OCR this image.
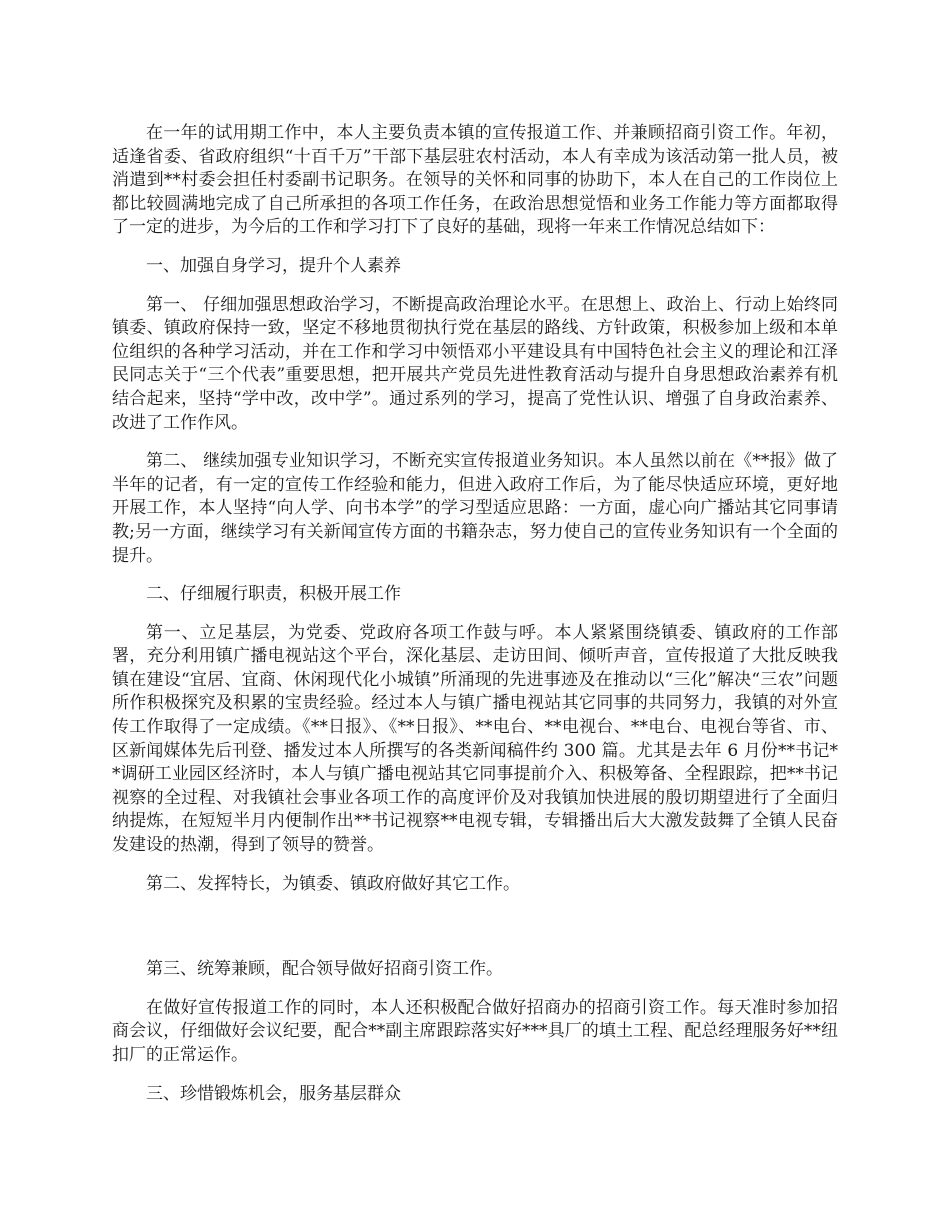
在一年的试用期工作中，本人主要负责本镇的宣传报道工作、并兼顾招商引资工作。年初，适逢省委、省政府组织“十百千万”干部下基层驻农村活动，本人有幸成为该活动第一批人员，被消遣到**村委会担任村委副书记职务。在领导的关怀和同事的协助下，本人在自己的工作岗位上都比较圆满地完成了自己所承担的各项工作任务，在政治思想觉悟和业务工作能力等方面都取得了一定的进步，为今后的工作和学习打下了良好的基础，现将一年来工作情况总结如下：

一、加强自身学习，提升个人素养

第一、 仔细加强思想政治学习，不断提高政治理论水平。在思想上、政治上、行动上始终同镇委、镇政府保持一致，坚定不移地贯彻执行党在基层的路线、方针政策，积极参加上级和本单位组织的各种学习活动，并在工作和学习中领悟邓小平建设具有中国特色社会主义的理论和江泽民同志关于“三个代表”重要思想，把开展共产党员先进性教育活动与提升自身思想政治素养有机结合起来，坚持“学中改，改中学”。通过系列的学习，提高了党性认识、增强了自身政治素养、改进了工作作风。

第二、 继续加强专业知识学习，不断充实宣传报道业务知识。本人虽然以前在《**报》做了半年的记者，有一定的宣传工作经验和能力，但进入政府工作后，为了能尽快适应环境，更好地开展工作，本人坚持“向人学、向书本学”的学习型适应思路：一方面，虚心向广播站其它同事请教;另一方面，继续学习有关新闻宣传方面的书籍杂志，努力使自己的宣传业务知识有一个全面的提升。

二、仔细履行职责，积极开展工作

第一、立足基层，为党委、党政府各项工作鼓与呼。本人紧紧围绕镇委、镇政府的工作部署，充分利用镇广播电视站这个平台，深化基层、走访田间、倾听声音，宣传报道了大批反映我镇在建设“宜居、宜商、休闲现代化小城镇”所涌现的先进事迹及在推动以“三化”解决“三农”问题所作积极探究及积累的宝贵经验。经过本人与镇广播电视站其它同事的共同努力，我镇的对外宣传工作取得了一定成绩。《**日报》、《**日报》、**电台、**电视台、**电台、电视台等省、市、区新闻媒体先后刊登、播发过本人所撰写的各类新闻稿件约 300 篇。尤其是去年 6 月份**书记**调研工业园区经济时，本人与镇广播电视站其它同事提前介入、积极筹备、全程跟踪，把**书记视察的全过程、对我镇社会事业各项工作的高度评价及对我镇加快进展的殷切期望进行了全面归纳提炼，在短短半月内便制作出**书记视察**电视专辑，专辑播出后大大激发鼓舞了全镇人民奋发建设的热潮，得到了领导的赞誉。

第二、发挥特长，为镇委、镇政府做好其它工作。

第三、统筹兼顾，配合领导做好招商引资工作。

在做好宣传报道工作的同时，本人还积极配合做好招商办的招商引资工作。每天准时参加招商会议，仔细做好会议纪要，配合**副主席跟踪落实好***具厂的填土工程、配总经理服务好**纽扣厂的正常运作。

三、珍惜锻炼机会，服务基层群众
